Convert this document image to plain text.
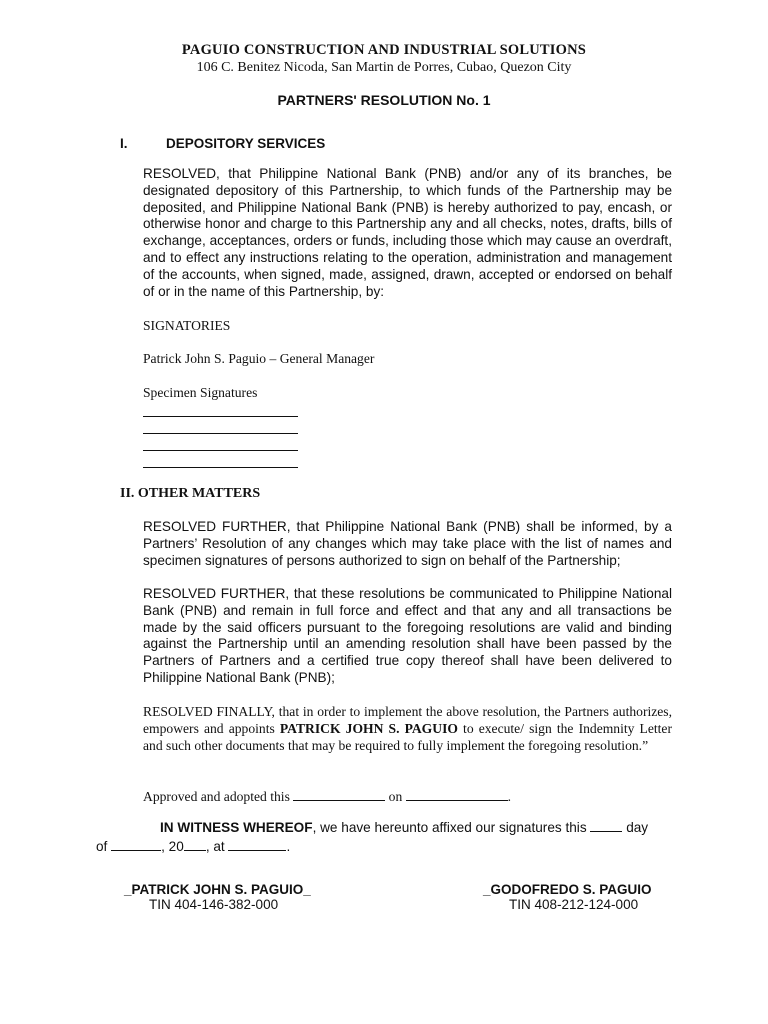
PAGUIO CONSTRUCTION AND INDUSTRIAL SOLUTIONS
106 C. Benitez Nicoda, San Martin de Porres, Cubao, Quezon City
PARTNERS' RESOLUTION No. 1
I.	DEPOSITORY SERVICES
RESOLVED, that Philippine National Bank (PNB) and/or any of its branches, be designated depository of this Partnership, to which funds of the Partnership may be deposited, and Philippine National Bank (PNB) is hereby authorized to pay, encash, or otherwise honor and charge to this Partnership any and all checks, notes, drafts, bills of exchange, acceptances, orders or funds, including those which may cause an overdraft, and to effect any instructions relating to the operation, administration and management of the accounts, when signed, made, assigned, drawn, accepted or endorsed on behalf of or in the name of this Partnership, by:
SIGNATORIES
Patrick John S. Paguio – General Manager
Specimen Signatures
II. OTHER MATTERS
RESOLVED FURTHER, that Philippine National Bank (PNB) shall be informed, by a Partners’ Resolution of any changes which may take place with the list of names and specimen signatures of persons authorized to sign on behalf of the Partnership;
RESOLVED FURTHER, that these resolutions be communicated to Philippine National Bank (PNB) and remain in full force and effect and that any and all transactions be made by the said officers pursuant to the foregoing resolutions are valid and binding against the Partnership until an amending resolution shall have been passed by the Partners of Partners and a certified true copy thereof shall have been delivered to Philippine National Bank (PNB);
RESOLVED FINALLY, that in order to implement the above resolution, the Partners authorizes, empowers and appoints PATRICK JOHN S. PAGUIO to execute/ sign the Indemnity Letter and such other documents that may be required to fully implement the foregoing resolution.”
Approved and adopted this	on	.
IN WITNESS WHEREOF, we have hereunto affixed our signatures this	day
of	, 20 , at	.
_PATRICK JOHN S. PAGUIO_
TIN 404-146-382-000
_GODOFREDO S. PAGUIO
TIN 408-212-124-000
